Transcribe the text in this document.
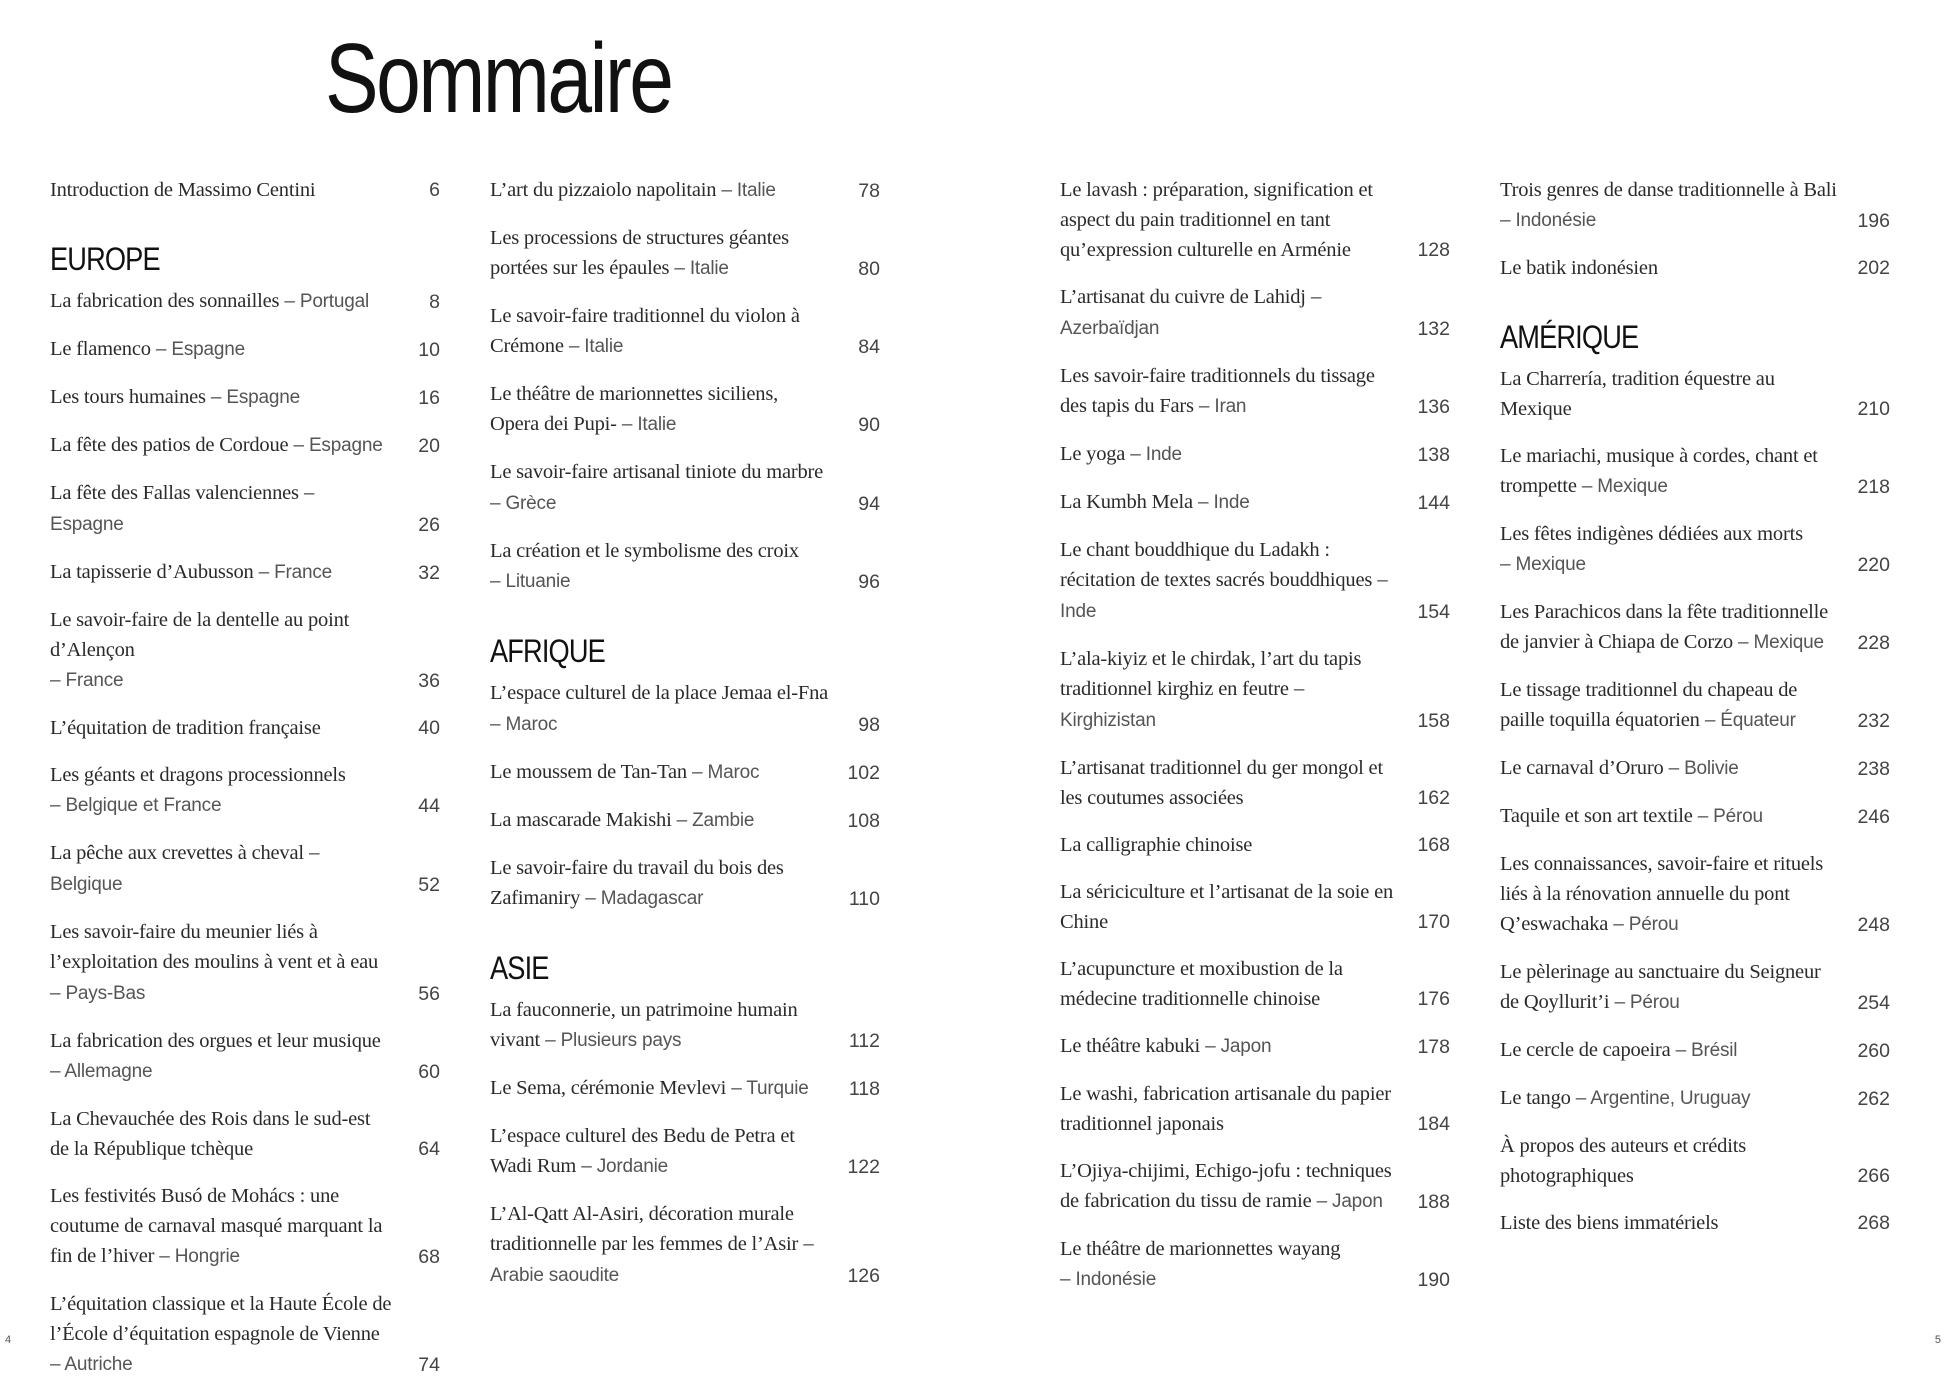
Sommaire
Introduction de Massimo Centini	6
EUROPE
La fabrication des sonnailles – Portugal	8
Le flamenco – Espagne	10
Les tours humaines – Espagne	16
La fête des patios de Cordoue – Espagne	20
La fête des Fallas valenciennes– Espagne	26
La tapisserie d’Aubusson – France	32
Le savoir-faire de la dentelle au point d’Alençon
– France	36
L’équitation de tradition française	40
Les géants et dragons processionnels
– Belgique et France	44
La pêche aux crevettes à cheval– Belgique	52
Les savoir-faire du meunier liés à l’exploitation des moulins à vent et à eau– Pays-Bas	56
La fabrication des orgues et leur musique
– Allemagne	60
La Chevauchée des Rois dans le sud-est de la République tchèque	64
Les festivités Busó de Mohács : une coutume de carnaval masqué marquant la fin de l’hiver – Hongrie	68
L’équitation classique et la Haute École de l’École d’équitation espagnole de Vienne
– Autriche	74
L’art du pizzaiolo napolitain – Italie	78
Les processions de structures géantes portées sur les épaules – Italie	80
Le savoir-faire traditionnel du violon à Crémone – Italie	84
Le théâtre de marionnettes siciliens, Opera dei Pupi- – Italie	90
Le savoir-faire artisanal tiniote du marbre– Grèce	94
La création et le symbolisme des croix
– Lituanie	96
AFRIQUE
L’espace culturel de la place Jemaa el-Fna– Maroc	98
Le moussem de Tan-Tan – Maroc	102
La mascarade Makishi – Zambie	108
Le savoir-faire du travail du bois des Zafimaniry – Madagascar	110
ASIE
La fauconnerie, un patrimoine humain vivant – Plusieurs pays	112
Le Sema, cérémonie Mevlevi – Turquie	118
L’espace culturel des Bedu de Petra et Wadi Rum – Jordanie	122
L’Al-Qatt Al-Asiri, décoration murale traditionnelle par les femmes de l’Asir– Arabie saoudite	126
Le lavash : préparation, signification et aspect du pain traditionnel en tant qu’expression culturelle en Arménie	128
L’artisanat du cuivre de Lahidj– Azerbaïdjan	132
Les savoir-faire traditionnels du tissage des tapis du Fars – Iran	136
Le yoga – Inde	138
La Kumbh Mela – Inde	144
Le chant bouddhique du Ladakh : récitation de textes sacrés bouddhiques– Inde	154
L’ala-kiyiz et le chirdak, l’art du tapis traditionnel kirghiz en feutre– Kirghizistan	158
L’artisanat traditionnel du ger mongol et les coutumes associées	162
La calligraphie chinoise	168
La sériciculture et l’artisanat de la soie en Chine	170
L’acupuncture et moxibustion de la médecine traditionnelle chinoise	176
Le théâtre kabuki – Japon	178
Le washi, fabrication artisanale du papier traditionnel japonais	184
L’Ojiya-chijimi, Echigo-jofu : techniques de fabrication du tissu de ramie – Japon	188
Le théâtre de marionnettes wayang
– Indonésie	190
Trois genres de danse traditionnelle à Bali
– Indonésie	196
Le batik indonésien	202
AMÉRIQUE
La Charrería, tradition équestre au Mexique	210
Le mariachi, musique à cordes, chant et trompette – Mexique	218
Les fêtes indigènes dédiées aux morts
– Mexique	220
Les Parachicos dans la fête traditionnelle de janvier à Chiapa de Corzo – Mexique	228
Le tissage traditionnel du chapeau de paille toquilla équatorien – Équateur	232
Le carnaval d’Oruro – Bolivie	238
Taquile et son art textile – Pérou	246
Les connaissances, savoir-faire et rituels liés à la rénovation annuelle du pont Q’eswachaka – Pérou	248
Le pèlerinage au sanctuaire du Seigneur de Qoyllurit’i – Pérou	254
Le cercle de capoeira – Brésil	260
Le tango – Argentine, Uruguay	262
À propos des auteurs et crédits photographiques	266
Liste des biens immatériels	268
4	5
